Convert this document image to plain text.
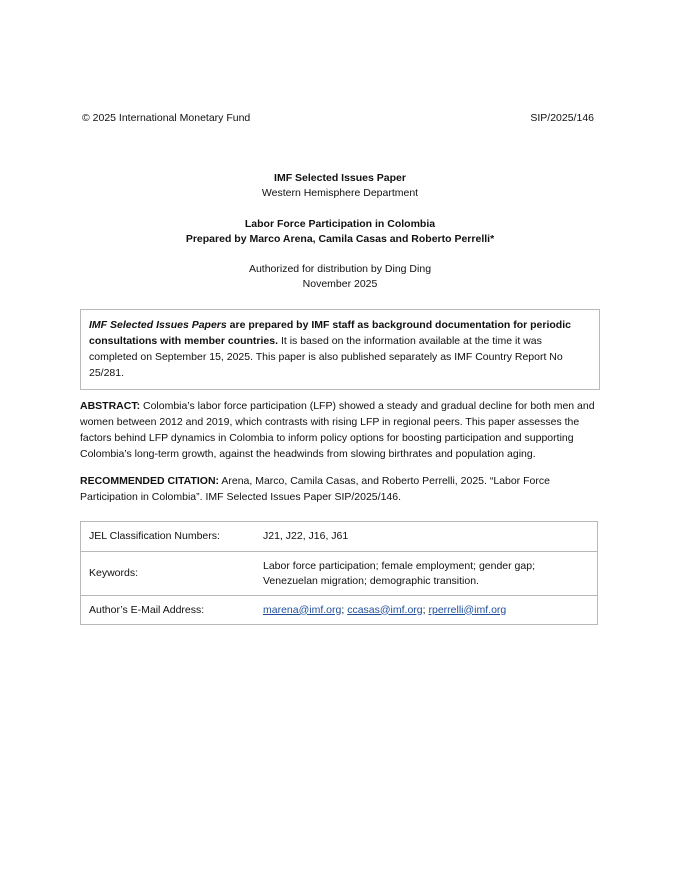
© 2025 International Monetary Fund	SIP/2025/146
IMF Selected Issues Paper
Western Hemisphere Department
Labor Force Participation in Colombia
Prepared by Marco Arena, Camila Casas and Roberto Perrelli*
Authorized for distribution by Ding Ding
November 2025
IMF Selected Issues Papers are prepared by IMF staff as background documentation for periodic consultations with member countries. It is based on the information available at the time it was completed on September 15, 2025. This paper is also published separately as IMF Country Report No 25/281.
ABSTRACT: Colombia’s labor force participation (LFP) showed a steady and gradual decline for both men and women between 2012 and 2019, which contrasts with rising LFP in regional peers. This paper assesses the factors behind LFP dynamics in Colombia to inform policy options for boosting participation and supporting Colombia’s long-term growth, against the headwinds from slowing birthrates and population aging.
RECOMMENDED CITATION: Arena, Marco, Camila Casas, and Roberto Perrelli, 2025. “Labor Force Participation in Colombia”. IMF Selected Issues Paper SIP/2025/146.
JEL Classification Numbers:	J21, J22, J16, J61
Keywords:	Labor force participation; female employment; gender gap; Venezuelan migration; demographic transition.
Author’s E-Mail Address:	marena@imf.org; ccasas@imf.org; rperrelli@imf.org
